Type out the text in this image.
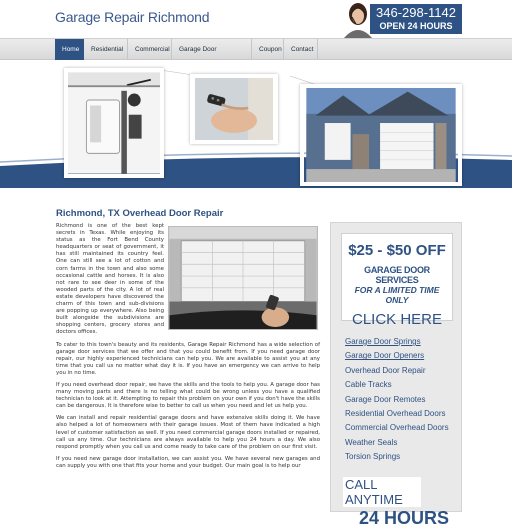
Garage Repair Richmond	346-298-1142
OPEN 24 HOURS
Home	Residential	Commercial	Garage Door	Coupon	Contact
Richmond, TX Overhead Door Repair

Richmond is one of the best kept secrets in Texas. While enjoying its status as the Fort Bend County headquarters or seat of government, it has still maintained its country feel. One can still see a lot of cotton and corn farms in the town and also some occasional cattle and horses. It is also not rare to see deer in some of the wooded parts of the city. A lot of real estate developers have discovered the charm of this town and sub-divisions are popping up everywhere. Also being built alongside the subdivisions are shopping centers, grocery stores and doctors offices.

To cater to this town's beauty and its residents, Garage Repair Richmond has a wide selection of garage door services that we offer and that you could benefit from. If you need garage door repair, our highly experienced technicians can help you. We are available to assist you at any time that you call us no matter what day it is. If you have an emergency we can arrive to help you in no time.

If you need overhead door repair, we have the skills and the tools to help you. A garage door has many moving parts and there is no telling what could be wrong unless you have a qualified technician to look at it. Attempting to repair this problem on your own if you don't have the skills can be dangerous. It is therefore wise to better to call us when you need and let us help you.

We can install and repair residential garage doors and have extensive skills doing it. We have also helped a lot of homeowners with their garage issues. Most of them have indicated a high level of customer satisfaction as well. If you need commercial garage doors installed or repaired, call us any time. Our technicians are always available to help you 24 hours a day. We also respond promptly when you call us and come ready to take care of the problem on our first visit.

If you need new garage door installation, we can assist you. We have several new garages and can supply you with one that fits your home and your budget. Our main goal is to help our

$25 - $50 OFF
GARAGE DOOR SERVICES
FOR A LIMITED TIME ONLY
CLICK HERE
Garage Door Springs
Garage Door Openers
Overhead Door Repair
Cable Tracks
Garage Door Remotes
Residential Overhead Doors
Commercial Overhead Doors
Weather Seals
Torsion Springs
CALL ANYTIME
24 HOURS
